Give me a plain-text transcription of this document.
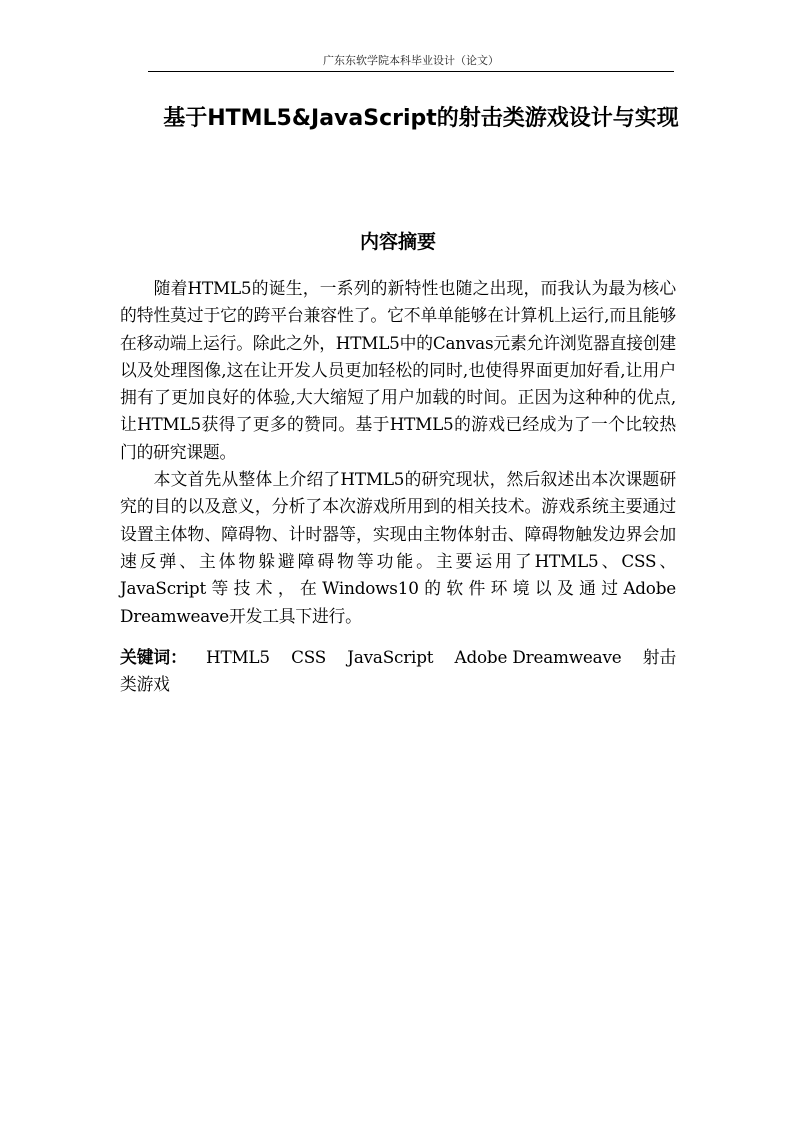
广东东软学院本科毕业设计（论文）
基于HTML5&JavaScript的射击类游戏设计与实现
内容摘要

随着HTML5的诞生，一系列的新特性也随之出现，而我认为最为核心的特性莫过于它的跨平台兼容性了。它不单单能够在计算机上运行,而且能够在移动端上运行。除此之外，HTML5中的Canvas元素允许浏览器直接创建以及处理图像,这在让开发人员更加轻松的同时,也使得界面更加好看,让用户拥有了更加良好的体验,大大缩短了用户加载的时间。正因为这种种的优点,让HTML5获得了更多的赞同。基于HTML5的游戏已经成为了一个比较热门的研究课题。

本文首先从整体上介绍了HTML5的研究现状，然后叙述出本次课题研究的目的以及意义，分析了本次游戏所用到的相关技术。游戏系统主要通过设置主体物、障碍物、计时器等，实现由主物体射击、障碍物触发边界会加速反弹、主体物躲避障碍物等功能。主要运用了HTML5、CSS、JavaScript等技术，在Windows10的软件环境以及通过Adobe Dreamweave开发工具下进行。

关键词： HTML5 CSS JavaScript Adobe Dreamweave 射击类游戏
